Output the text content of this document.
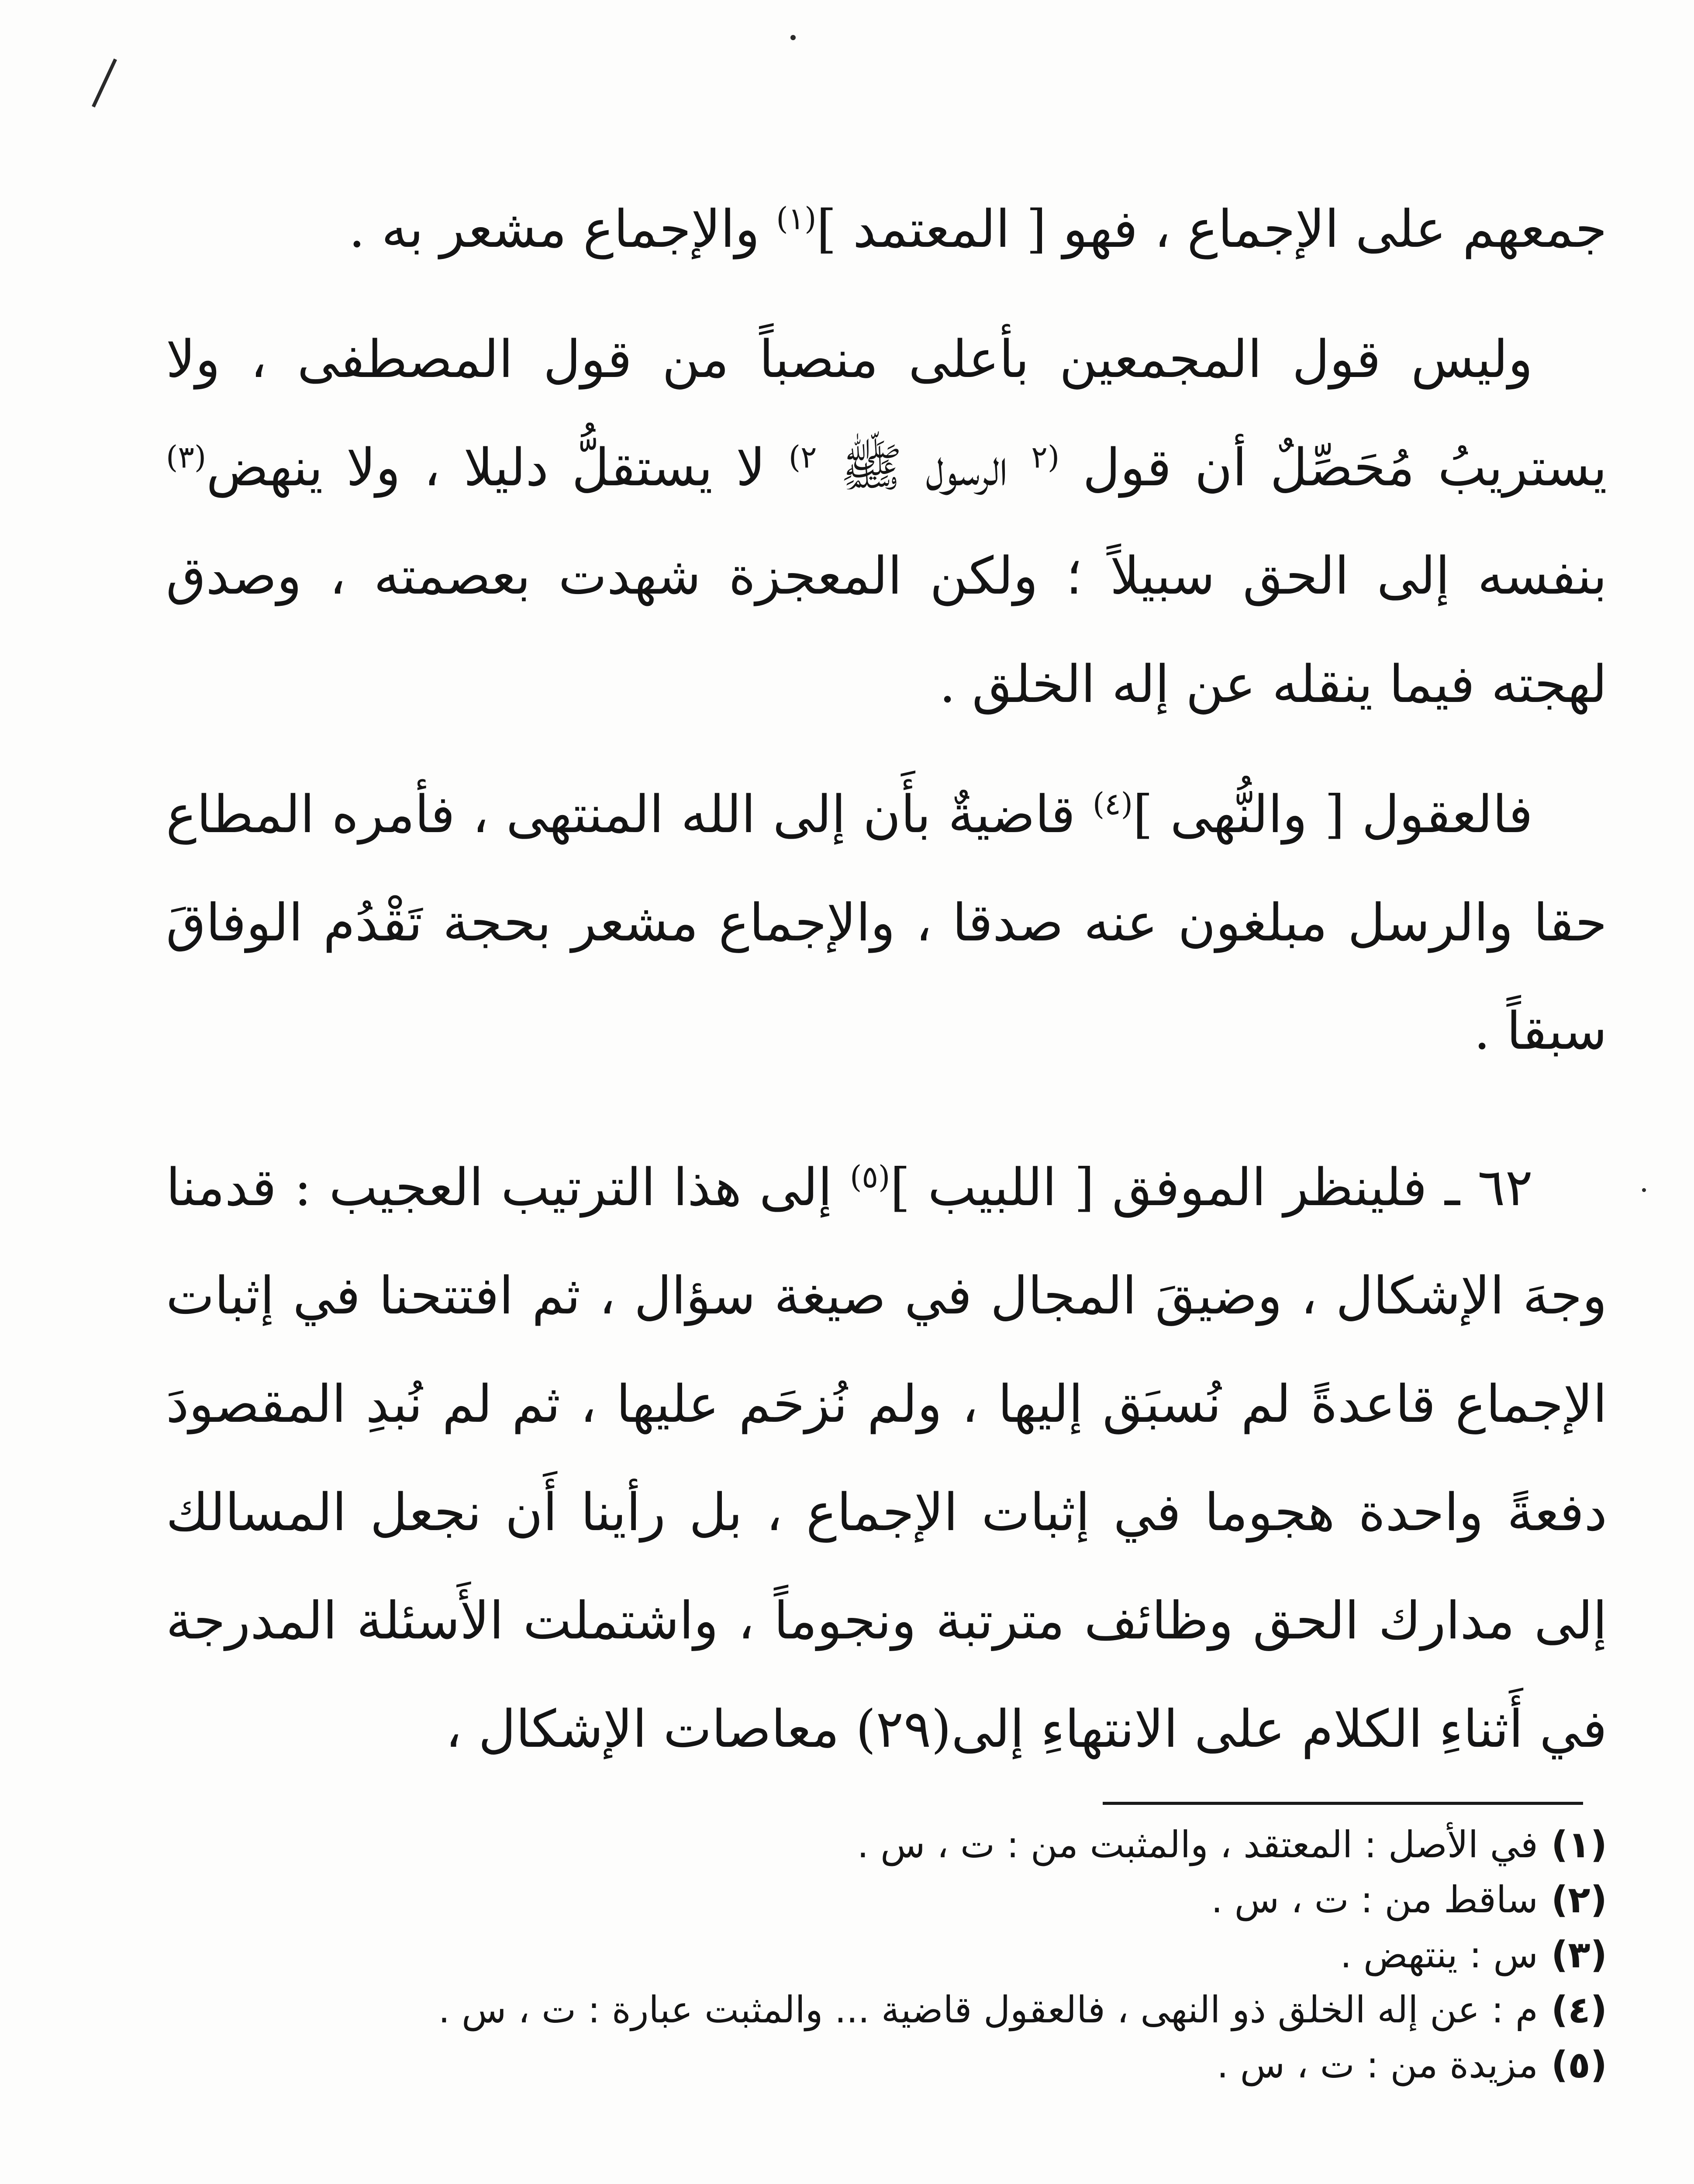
جمعهم على الإجماع ، فهو [ المعتمد ]$^{(١)}$ والإجماع مشعر به .

وليس قول المجمعين بأعلى منصباً من قول المصطفى ، ولا يستريبُ مُحَصِّلٌ أن قول $^{(٢}$ الرسول ﷺ $^{٢)}$ لا يستقلُّ دليلا ، ولا ينهض$^{(٣)}$ بنفسه إلى الحق سبيلاً ؛ ولكن المعجزة شهدت بعصمته ، وصدق لهجته فيما ينقله عن إله الخلق .

فالعقول [ والنُّهى ]$^{(٤)}$ قاضيةٌ بأَن إلى الله المنتهى ، فأمره المطاع حقا والرسل مبلغون عنه صدقا ، والإجماع مشعر بحجة تَقْدُم الوفاقَ سبقاً .

٦٢ ـ فلينظر الموفق [ اللبيب ]$^{(٥)}$ إلى هذا الترتيب العجيب : قدمنا وجهَ الإشكال ، وضيقَ المجال في صيغة سؤال ، ثم افتتحنا في إثبات الإجماع قاعدةً لم نُسبَق إليها ، ولم نُزحَم عليها ، ثم لم نُبدِ المقصودَ دفعةً واحدة هجوما في إثبات الإجماع ، بل رأينا أَن نجعل المسالك إلى مدارك الحق وظائف مترتبة ونجوماً ، واشتملت الأَسئلة المدرجة في أَثناءِ الكلام على الانتهاءِ إلى(٢٩) معاصات الإشكال ،

(١)في الأصل : المعتقد ، والمثبت من : ت ، س .

(٢)ساقط من : ت ، س .

(٣)س : ينتهض .

(٤)م : عن إله الخلق ذو النهى ، فالعقول قاضية ... والمثبت عبارة : ت ، س .

(٥)مزيدة من : ت ، س .
